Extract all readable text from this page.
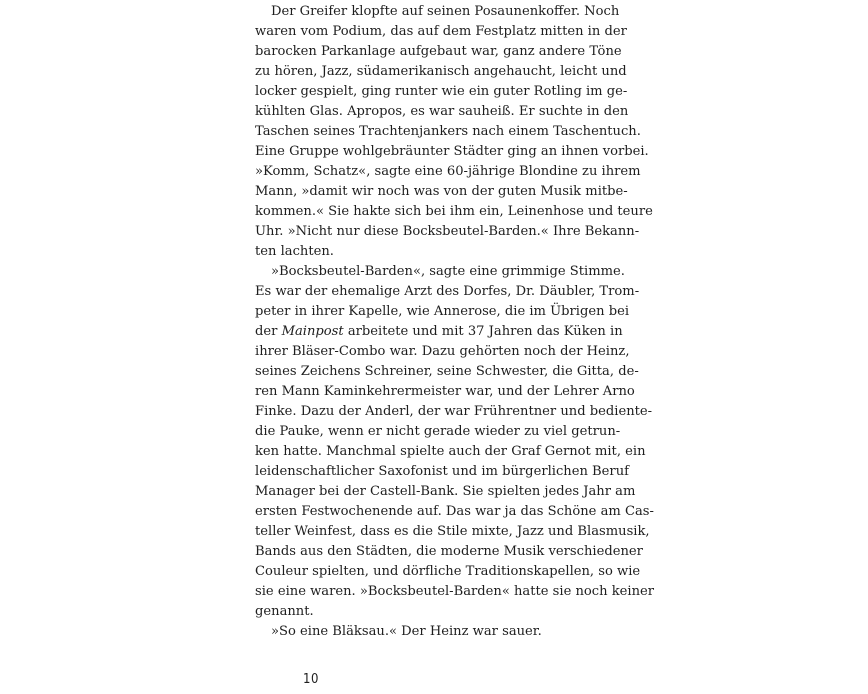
Der Greifer klopfte auf seinen Posaunenkoffer. Noch
waren vom Podium, das auf dem Festplatz mitten in der
barocken Parkanlage aufgebaut war, ganz andere Töne
zu hören, Jazz, südamerikanisch angehaucht, leicht und
locker gespielt, ging runter wie ein guter Rotling im ge-
kühlten Glas. Apropos, es war sauheiß. Er suchte in den
Taschen seines Trachtenjankers nach einem Taschentuch.
Eine Gruppe wohlgebräunter Städter ging an ihnen vorbei.
»Komm, Schatz«, sagte eine 60-jährige Blondine zu ihrem
Mann, »damit wir noch was von der guten Musik mitbe-
kommen.« Sie hakte sich bei ihm ein, Leinenhose und teure
Uhr. »Nicht nur diese Bocksbeutel-Barden.« Ihre Bekann-
ten lachten.
»Bocksbeutel-Barden«, sagte eine grimmige Stimme.
Es war der ehemalige Arzt des Dorfes, Dr. Däubler, Trom-
peter in ihrer Kapelle, wie Annerose, die im Übrigen bei
der Mainpost arbeitete und mit 37 Jahren das Küken in
ihrer Bläser-Combo war. Dazu gehörten noch der Heinz,
seines Zeichens Schreiner, seine Schwester, die Gitta, de-
ren Mann Kaminkehrermeister war, und der Lehrer Arno
Finke. Dazu der Anderl, der war Frührentner und bediente-
die Pauke, wenn er nicht gerade wieder zu viel getrun-
ken hatte. Manchmal spielte auch der Graf Gernot mit, ein
leidenschaftlicher Saxofonist und im bürgerlichen Beruf
Manager bei der Castell-Bank. Sie spielten jedes Jahr am
ersten Festwochenende auf. Das war ja das Schöne am Cas-
teller Weinfest, dass es die Stile mixte, Jazz und Blasmusik,
Bands aus den Städten, die moderne Musik verschiedener
Couleur spielten, und dörfliche Traditionskapellen, so wie
sie eine waren. »Bocksbeutel-Barden« hatte sie noch keiner
genannt.
»So eine Bläksau.« Der Heinz war sauer.
10
